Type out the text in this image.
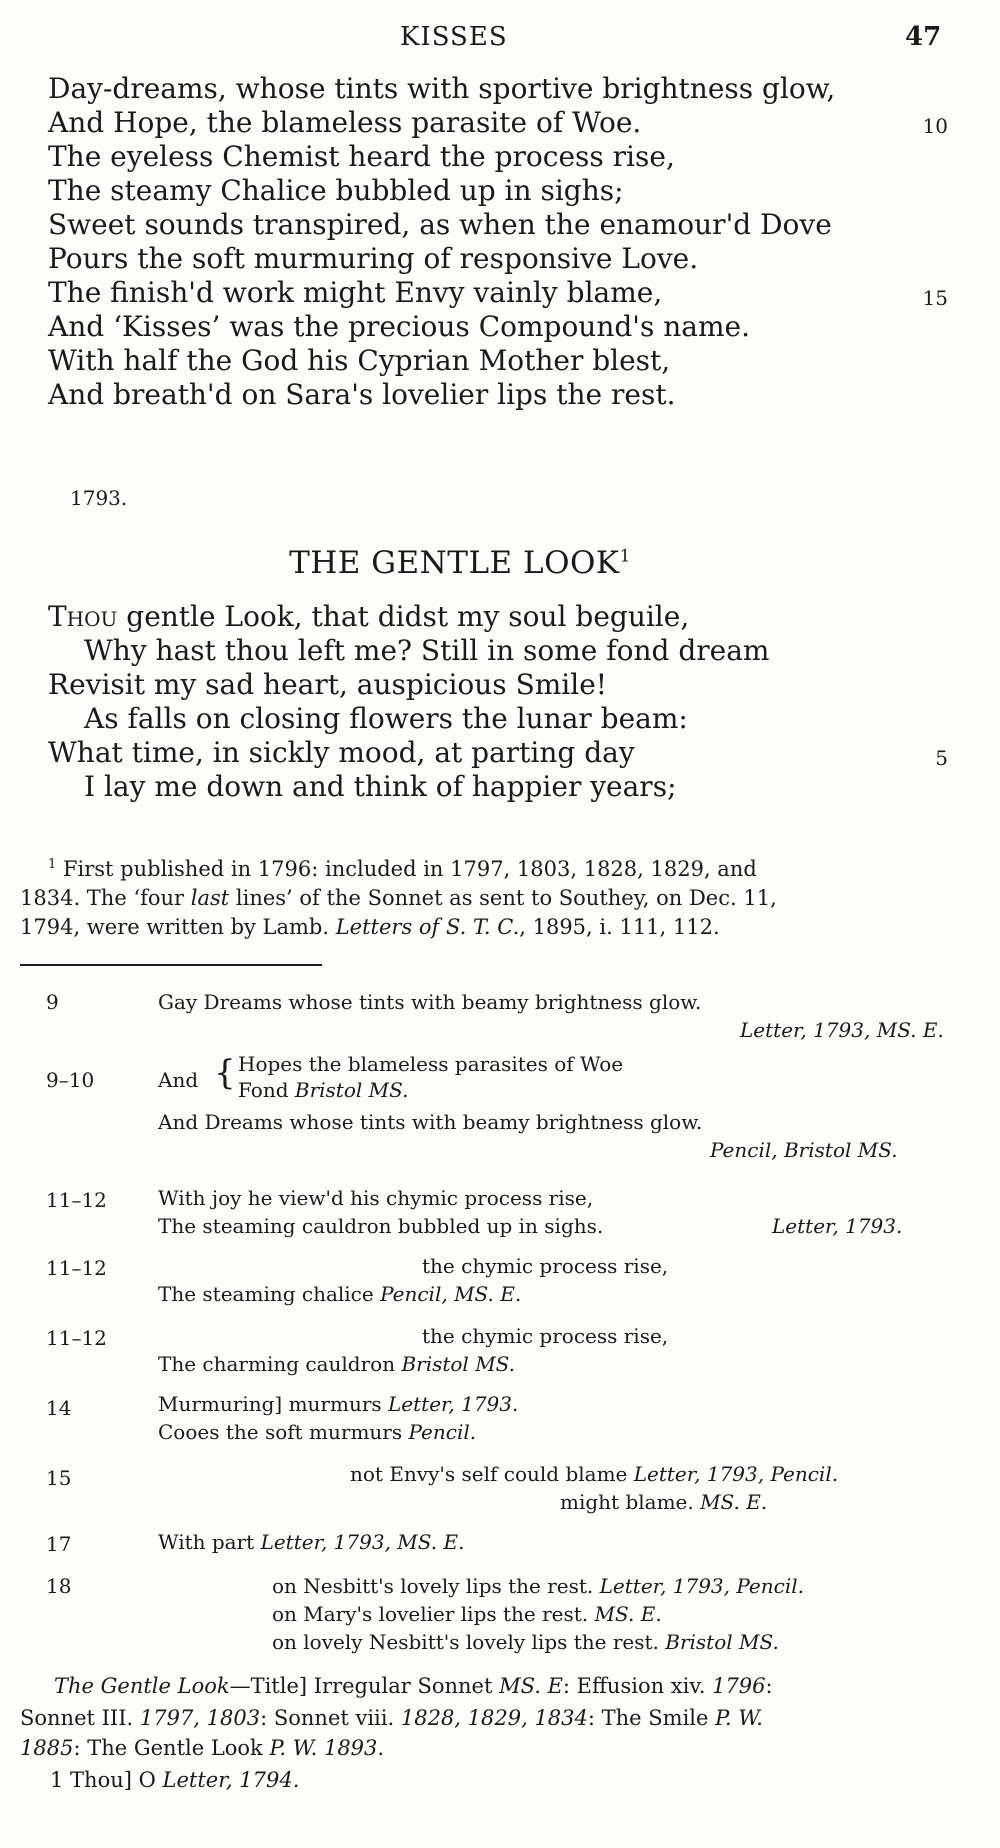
KISSES	47
Day-dreams, whose tints with sportive brightness glow,
And Hope, the blameless parasite of Woe.	10
The eyeless Chemist heard the process rise,
The steamy Chalice bubbled up in sighs;
Sweet sounds transpired, as when the enamour'd Dove
Pours the soft murmuring of responsive Love.
The finish'd work might Envy vainly blame,	15
And ‘Kisses’ was the precious Compound's name.
With half the God his Cyprian Mother blest,
And breath'd on Sara's lovelier lips the rest.
1793.
THE GENTLE LOOK$^1$
Thou gentle Look, that didst my soul beguile,
Why hast thou left me? Still in some fond dream
Revisit my sad heart, auspicious Smile!
As falls on closing flowers the lunar beam:
What time, in sickly mood, at parting day	5
I lay me down and think of happier years;
$^1$ First published in 1796: included in 1797, 1803, 1828, 1829, and
1834. The ‘four last lines’ of the Sonnet as sent to Southey, on Dec. 11,
1794, were written by Lamb. Letters of S. T. C., 1895, i. 111, 112.
9	Gay Dreams whose tints with beamy brightness glow.
Letter, 1793, MS. E.
9–10	And { Hopes the blameless parasites of Woe
Fond Bristol MS.
And Dreams whose tints with beamy brightness glow.
Pencil, Bristol MS.
11–12	With joy he view'd his chymic process rise,
The steaming cauldron bubbled up in sighs.	Letter, 1793.
11–12	the chymic process rise,
The steaming chalice Pencil, MS. E.
11–12	the chymic process rise,
The charming cauldron Bristol MS.
14	Murmuring] murmurs Letter, 1793.
Cooes the soft murmurs Pencil.
15	not Envy's self could blame Letter, 1793, Pencil.
might blame. MS. E.
17	With part Letter, 1793, MS. E.
18	on Nesbitt's lovely lips the rest. Letter, 1793, Pencil.
on Mary's lovelier lips the rest. MS. E.
on lovely Nesbitt's lovely lips the rest. Bristol MS.
The Gentle Look—Title] Irregular Sonnet MS. E: Effusion xiv. 1796:
Sonnet III. 1797, 1803: Sonnet viii. 1828, 1829, 1834: The Smile P. W.
1885: The Gentle Look P. W. 1893.
1 Thou] O Letter, 1794.
